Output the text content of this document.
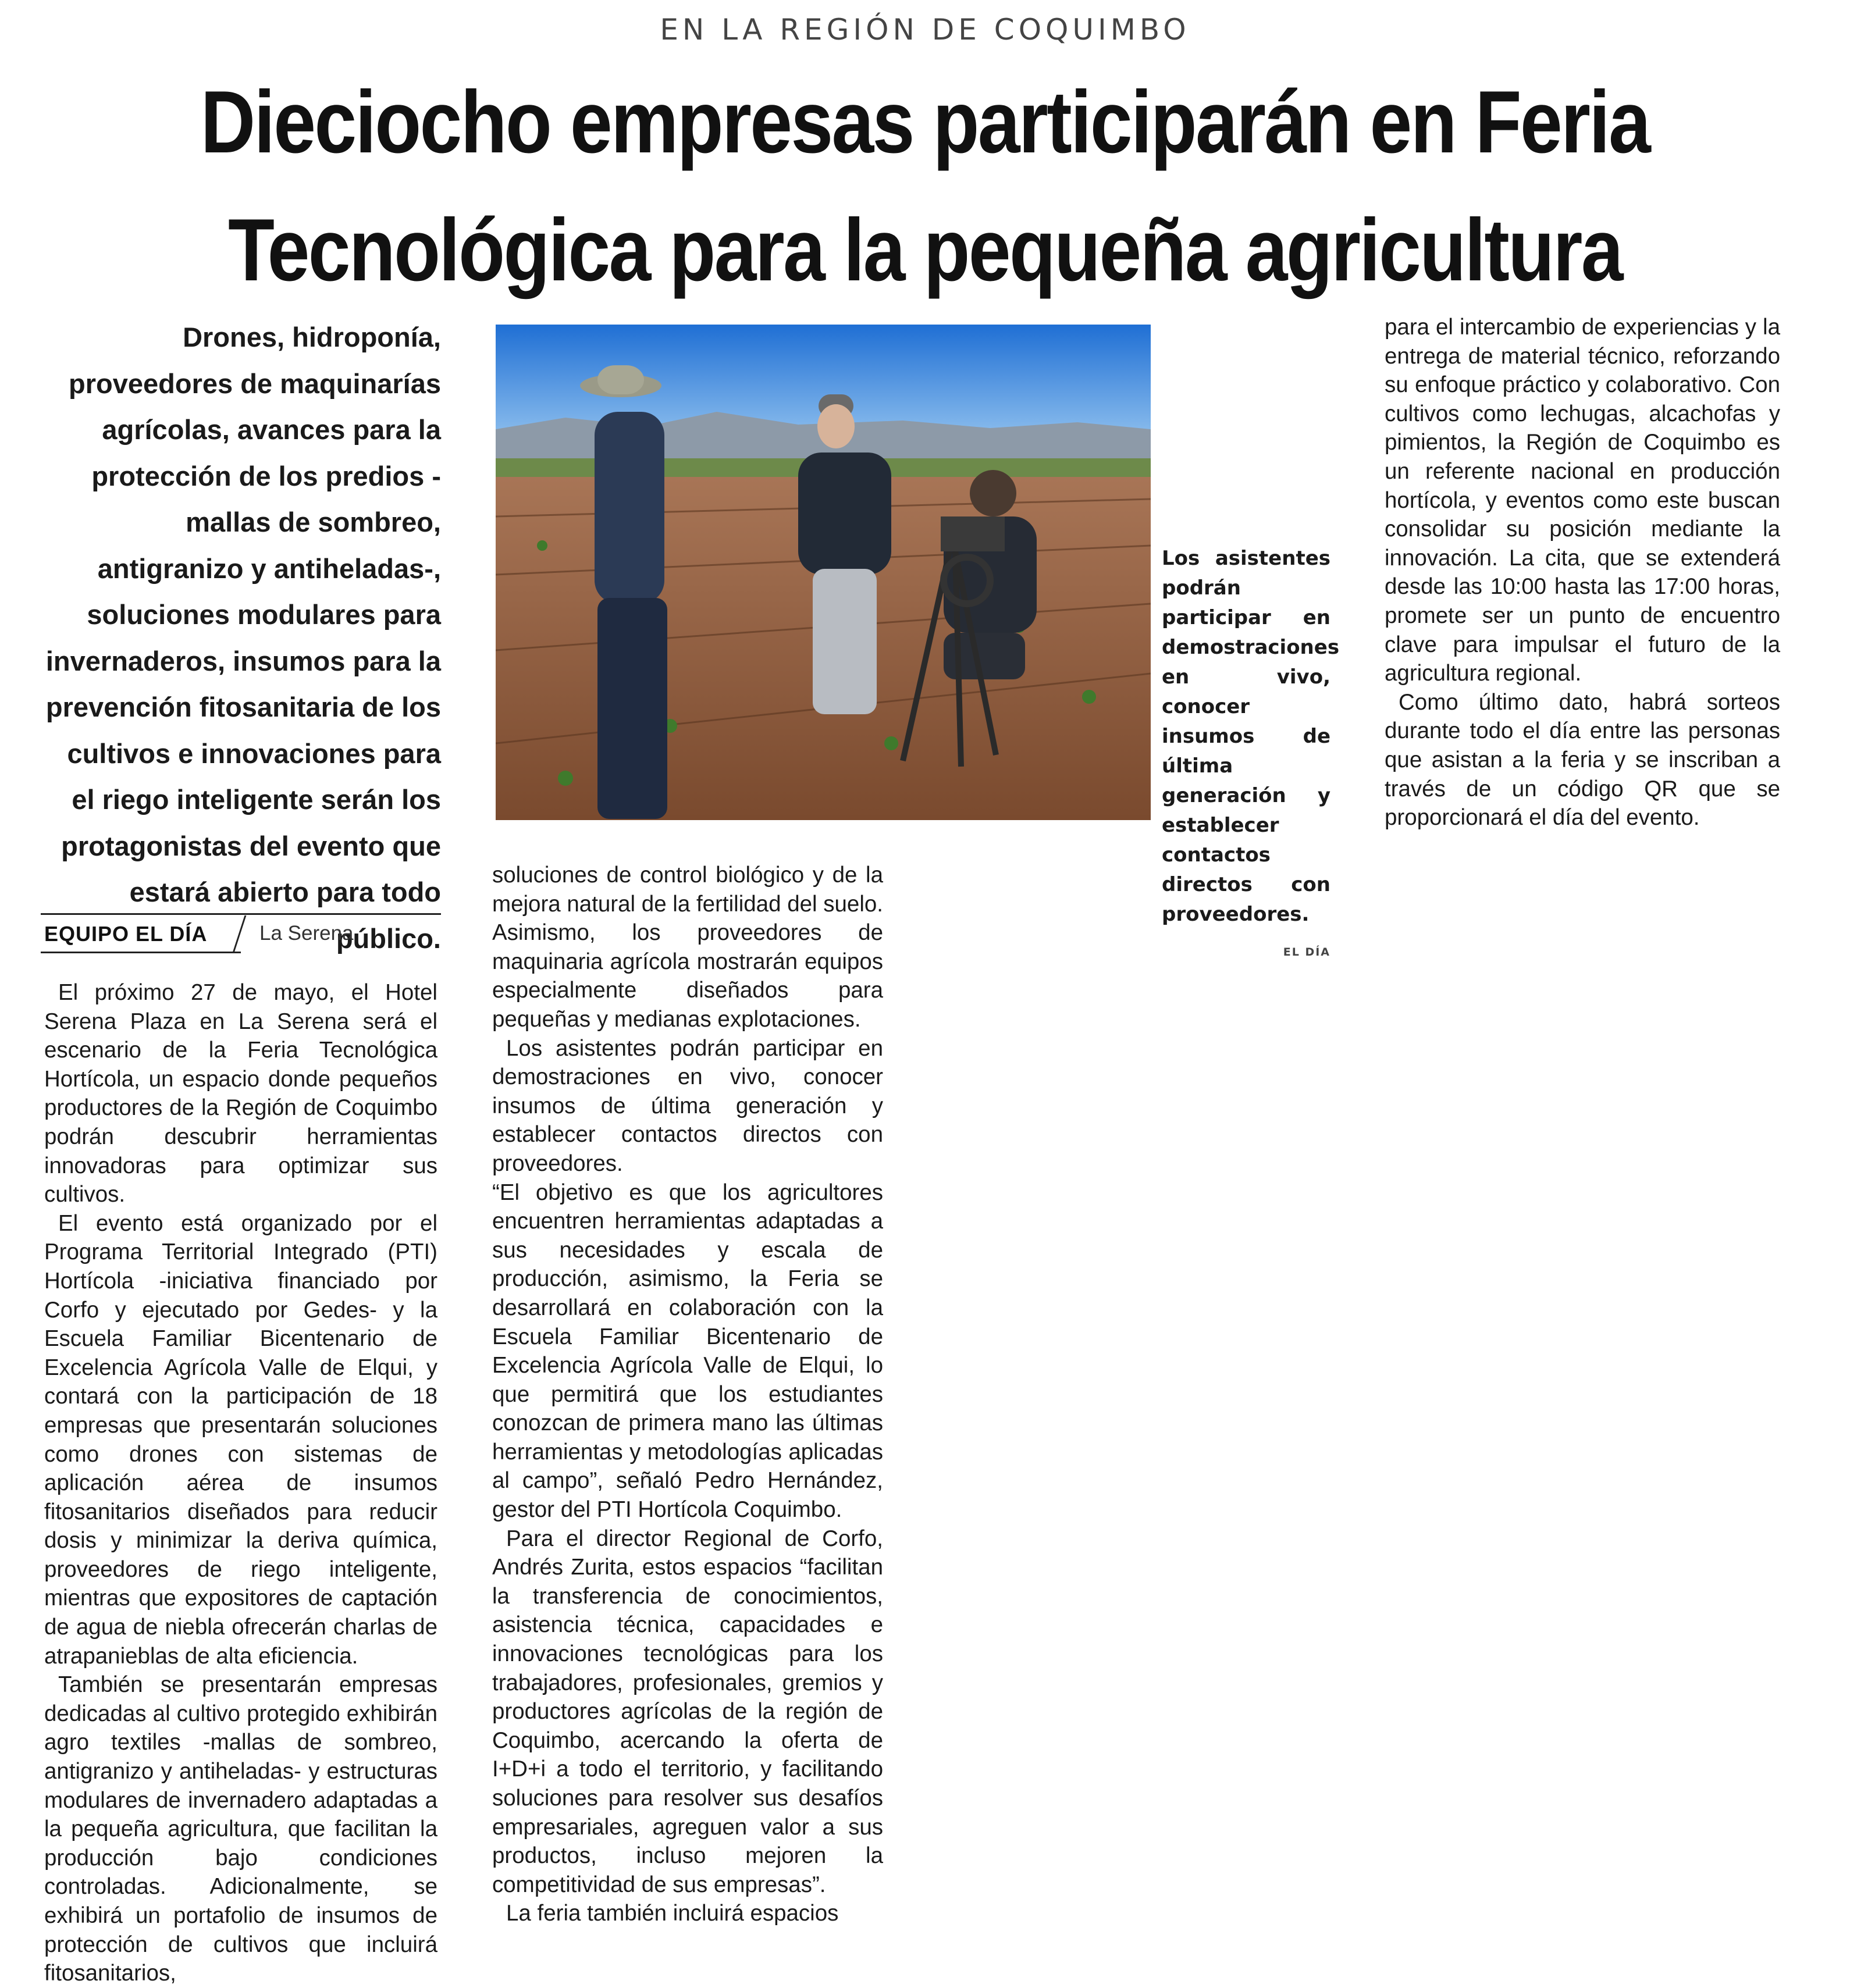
EN LA REGIÓN DE COQUIMBO
Dieciocho empresas participarán en Feria
Tecnológica para la pequeña agricultura
Drones, hidroponía, proveedores de maquinarías agrícolas, avances para la protección de los predios -mallas de sombreo, antigranizo y antiheladas-, soluciones modulares para invernaderos, insumos para la prevención fitosanitaria de los cultivos e innovaciones para el riego inteligente serán los protagonistas del evento que estará abierto para todo público.
EQUIPO EL DÍA	La Serena

El próximo 27 de mayo, el Hotel Serena Plaza en La Serena será el escenario de la Feria Tecnológica Hortícola, un espacio donde pequeños productores de la Región de Coquimbo podrán descubrir herramientas innovadoras para optimizar sus cultivos.

El evento está organizado por el Programa Territorial Integrado (PTI) Hortícola -iniciativa financiado por Corfo y ejecutado por Gedes- y la Escuela Familiar Bicentenario de Excelencia Agrícola Valle de Elqui, y contará con la participación de 18 empresas que presentarán soluciones como drones con sistemas de aplicación aérea de insumos fitosanitarios diseñados para reducir dosis y minimizar la deriva química, proveedores de riego inteligente, mientras que expositores de captación de agua de niebla ofrecerán charlas de atrapanieblas de alta eficiencia.

También se presentarán empresas dedicadas al cultivo protegido exhibirán agro textiles -mallas de sombreo, antigranizo y antiheladas- y estructuras modulares de invernadero adaptadas a la pequeña agricultura, que facilitan la producción bajo condiciones controladas. Adicionalmente, se exhibirá un portafolio de insumos de protección de cultivos que incluirá fitosanitarios,

Los asistentes podrán participar en demostraciones en vivo, conocer insumos de última generación y establecer contactos directos con proveedores.
EL DÍA

soluciones de control biológico y de la mejora natural de la fertilidad del suelo. Asimismo, los proveedores de maquinaria agrícola mostrarán equipos especialmente diseñados para pequeñas y medianas explotaciones.

Los asistentes podrán participar en demostraciones en vivo, conocer insumos de última generación y establecer contactos directos con proveedores.

“El objetivo es que los agricultores encuentren herramientas adaptadas a sus necesidades y escala de producción, asimismo, la Feria se desarrollará en colaboración con la Escuela Familiar Bicentenario de Excelencia Agrícola Valle de Elqui, lo que permitirá que los estudiantes conozcan de primera mano las últimas herramientas y metodologías aplicadas al campo”, señaló Pedro Hernández, gestor del PTI Hortícola Coquimbo.

Para el director Regional de Corfo, Andrés Zurita, estos espacios “facilitan la transferencia de conocimientos, asistencia técnica, capacidades e innovaciones tecnológicas para los trabajadores, profesionales, gremios y productores agrícolas de la región de Coquimbo, acercando la oferta de I+D+i a todo el territorio, y facilitando soluciones para resolver sus desafíos empresariales, agreguen valor a sus productos, incluso mejoren la competitividad de sus empresas”.

La feria también incluirá espacios

para el intercambio de experiencias y la entrega de material técnico, reforzando su enfoque práctico y colaborativo. Con cultivos como lechugas, alcachofas y pimientos, la Región de Coquimbo es un referente nacional en producción hortícola, y eventos como este buscan consolidar su posición mediante la innovación. La cita, que se extenderá desde las 10:00 hasta las 17:00 horas, promete ser un punto de encuentro clave para impulsar el futuro de la agricultura regional.

Como último dato, habrá sorteos durante todo el día entre las personas que asistan a la feria y se inscriban a través de un código QR que se proporcionará el día del evento.
